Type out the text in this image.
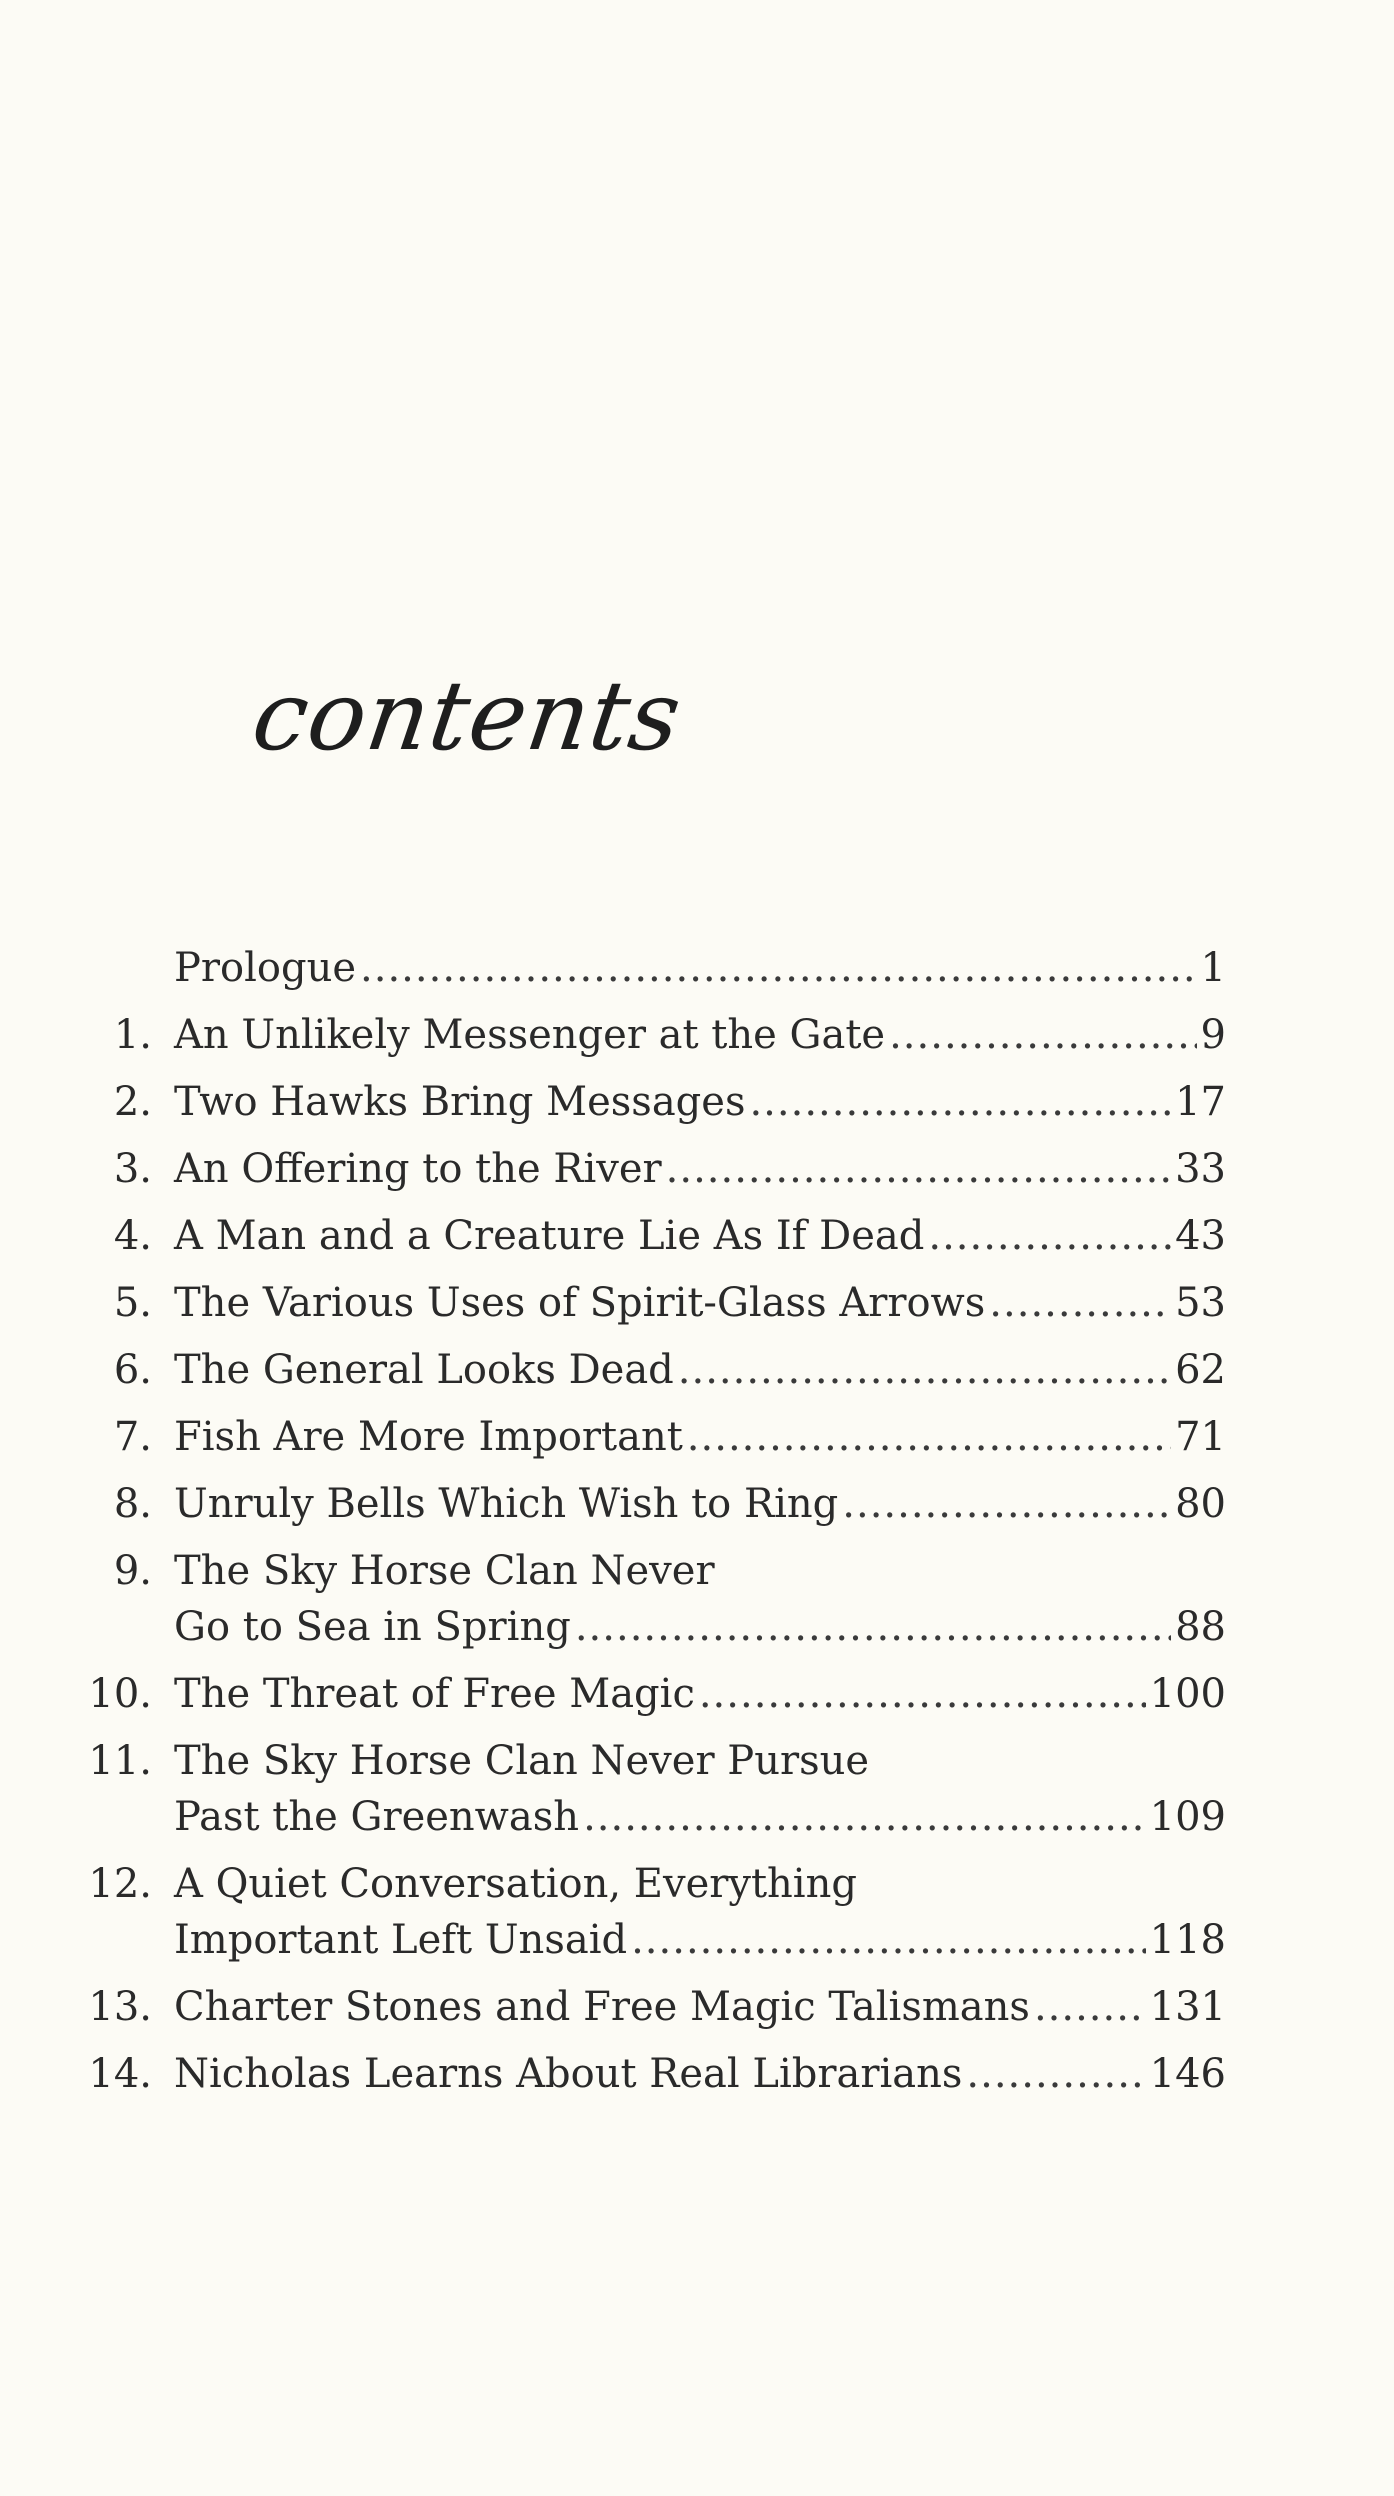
contents
Prologue .....	1
1. An Unlikely Messenger at the Gate .....	9
2. Two Hawks Bring Messages .....	17
3. An Offering to the River .....	33
4. A Man and a Creature Lie As If Dead .....	43
5. The Various Uses of Spirit-Glass Arrows .....	53
6. The General Looks Dead .....	62
7. Fish Are More Important .....	71
8. Unruly Bells Which Wish to Ring .....	80
9. The Sky Horse Clan Never
Go to Sea in Spring .....	88
10. The Threat of Free Magic .....	100
11. The Sky Horse Clan Never Pursue
Past the Greenwash .....	109
12. A Quiet Conversation, Everything
Important Left Unsaid .....	118
13. Charter Stones and Free Magic Talismans .....	131
14. Nicholas Learns About Real Librarians .....	146
